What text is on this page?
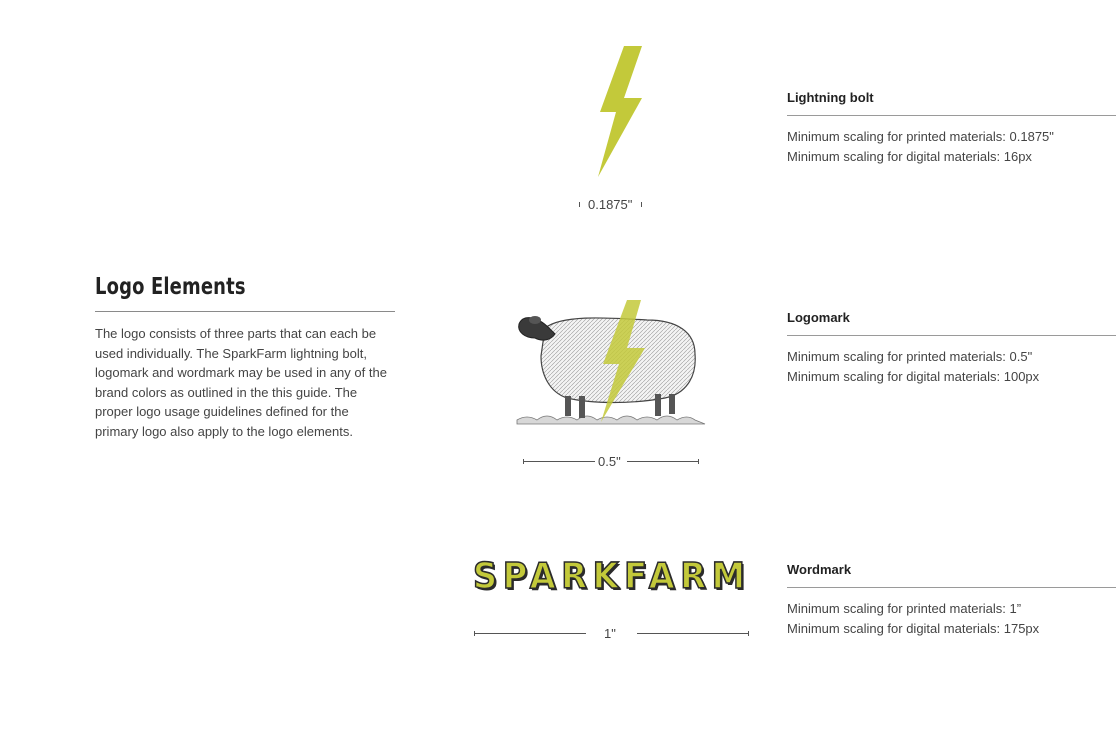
Logo Elements
The logo consists of three parts that can each be used individually. The SparkFarm lightning bolt, logomark and wordmark may be used in any of the brand colors as outlined in the this guide. The proper logo usage guidelines defined for the primary logo also apply to the logo elements.
0.1875"
Lightning bolt
Minimum scaling for printed materials: 0.1875"
Minimum scaling for digital materials: 16px
0.5"
Logomark
Minimum scaling for printed materials: 0.5"
Minimum scaling for digital materials: 100px
SPARKFARM
1"
Wordmark
Minimum scaling for printed materials: 1”
Minimum scaling for digital materials: 175px
